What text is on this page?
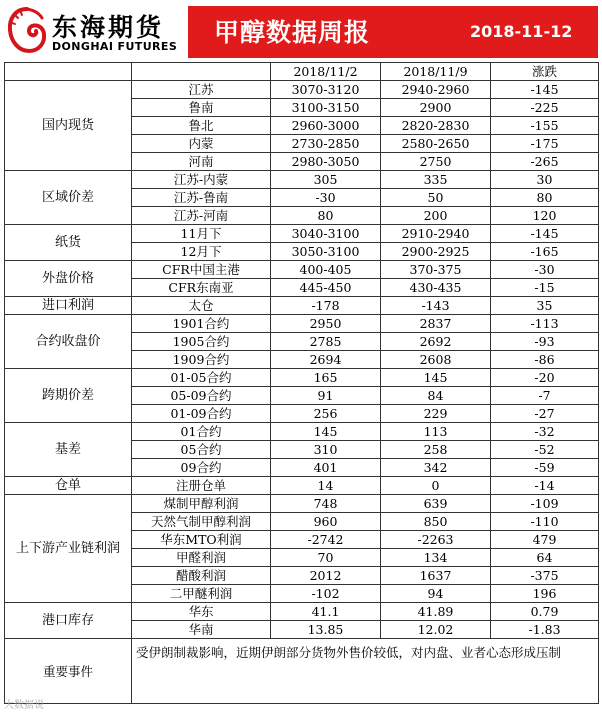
东海期货
DONGHAI FUTURES 甲醇数据周报	2018-11-12
		2018/11/2	2018/11/9	涨跌
国内现货	江苏	3070-3120	2940-2960	-145
	鲁南	3100-3150	2900	-225
	鲁北	2960-3000	2820-2830	-155
	内蒙	2730-2850	2580-2650	-175
	河南	2980-3050	2750	-265
区域价差	江苏-内蒙	305	335	30
	江苏-鲁南	-30	50	80
	江苏-河南	80	200	120
纸货	11月下	3040-3100	2910-2940	-145
	12月下	3050-3100	2900-2925	-165
外盘价格	CFR中国主港	400-405	370-375	-30
	CFR东南亚	445-450	430-435	-15
进口利润	太仓	-178	-143	35
合约收盘价	1901合约	2950	2837	-113
	1905合约	2785	2692	-93
	1909合约	2694	2608	-86
跨期价差	01-05合约	165	145	-20
	05-09合约	91	84	-7
	01-09合约	256	229	-27
基差	01合约	145	113	-32
	05合约	310	258	-52
	09合约	401	342	-59
仓单	注册仓单	14	0	-14
上下游产业链利润	煤制甲醇利润	748	639	-109
	天然气制甲醇利润	960	850	-110
	华东MTO利润	-2742	-2263	479
	甲醛利润	70	134	64
	醋酸利润	2012	1637	-375
	二甲醚利润	-102	94	196
港口库存	华东	41.1	41.89	0.79
	华南	13.85	12.02	-1.83
重要事件	受伊朗制裁影响，近期伊朗部分货物外售价较低，对内盘、业者心态形成压制			
大数据说
